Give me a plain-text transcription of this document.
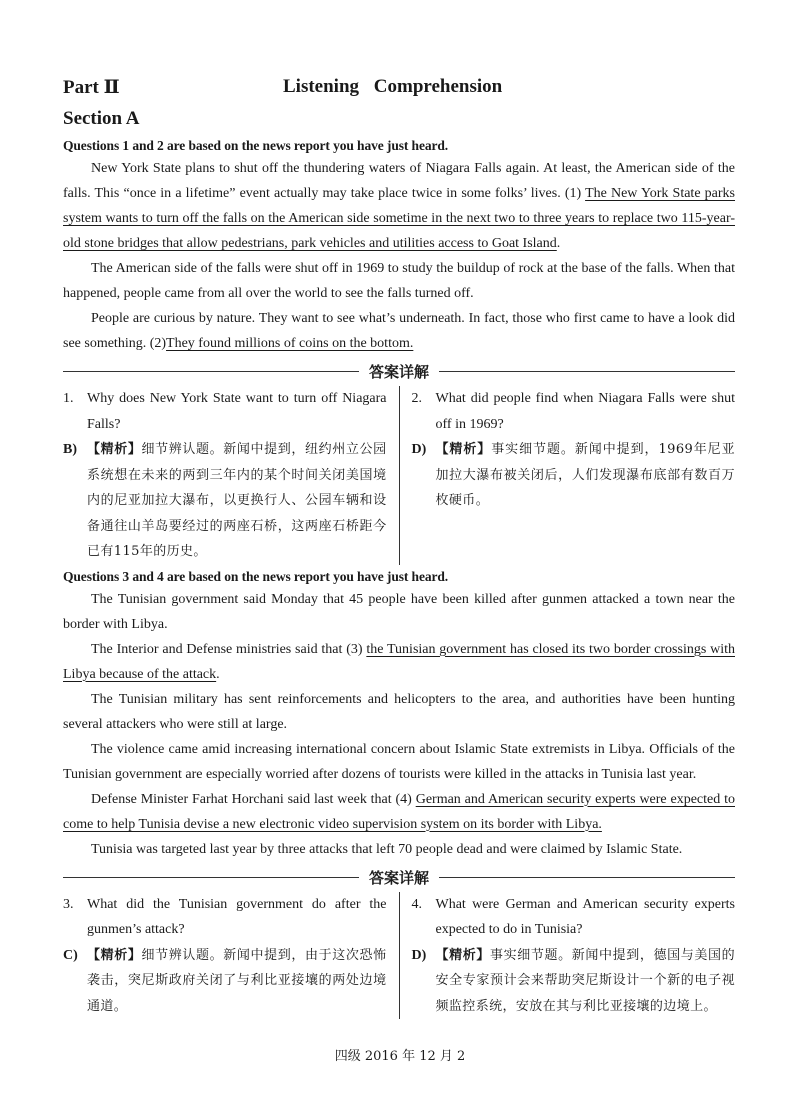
Part Ⅱ	Listening Comprehension
Section A
Questions 1 and 2 are based on the news report you have just heard.

New York State plans to shut off the thundering waters of Niagara Falls again. At least, the American side of the falls. This “once in a lifetime” event actually may take place twice in some folks’ lives. (1) The New York State parks system wants to turn off the falls on the American side sometime in the next two to three years to replace two 115-year-old stone bridges that allow pedestrians, park vehicles and utilities access to Goat Island.

The American side of the falls were shut off in 1969 to study the buildup of rock at the base of the falls. When that happened, people came from all over the world to see the falls turned off.

People are curious by nature. They want to see what’s underneath. In fact, those who first came to have a look did see something. (2)They found millions of coins on the bottom.

答案详解
1. Why does New York State want to turn off Niagara Falls?
B) 【精析】细节辨认题。新闻中提到，纽约州立公园系统想在未来的两到三年内的某个时间关闭美国境内的尼亚加拉大瀑布，以更换行人、公园车辆和设备通往山羊岛要经过的两座石桥，这两座石桥距今已有115年的历史。
2. What did people find when Niagara Falls were shut off in 1969?
D) 【精析】事实细节题。新闻中提到，1969年尼亚加拉大瀑布被关闭后，人们发现瀑布底部有数百万枚硬币。
Questions 3 and 4 are based on the news report you have just heard.

The Tunisian government said Monday that 45 people have been killed after gunmen attacked a town near the border with Libya.

The Interior and Defense ministries said that (3) the Tunisian government has closed its two border crossings with Libya because of the attack.

The Tunisian military has sent reinforcements and helicopters to the area, and authorities have been hunting several attackers who were still at large.

The violence came amid increasing international concern about Islamic State extremists in Libya. Officials of the Tunisian government are especially worried after dozens of tourists were killed in the attacks in Tunisia last year.

Defense Minister Farhat Horchani said last week that (4) German and American security experts were expected to come to help Tunisia devise a new electronic video supervision system on its border with Libya.

Tunisia was targeted last year by three attacks that left 70 people dead and were claimed by Islamic State.

答案详解
3. What did the Tunisian government do after the gunmen’s attack?
C) 【精析】细节辨认题。新闻中提到，由于这次恐怖袭击，突尼斯政府关闭了与利比亚接壤的两处边境通道。
4. What were German and American security experts expected to do in Tunisia?
D) 【精析】事实细节题。新闻中提到，德国与美国的安全专家预计会来帮助突尼斯设计一个新的电子视频监控系统，安放在其与利比亚接壤的边境上。
四级 2016 年 12 月 2
